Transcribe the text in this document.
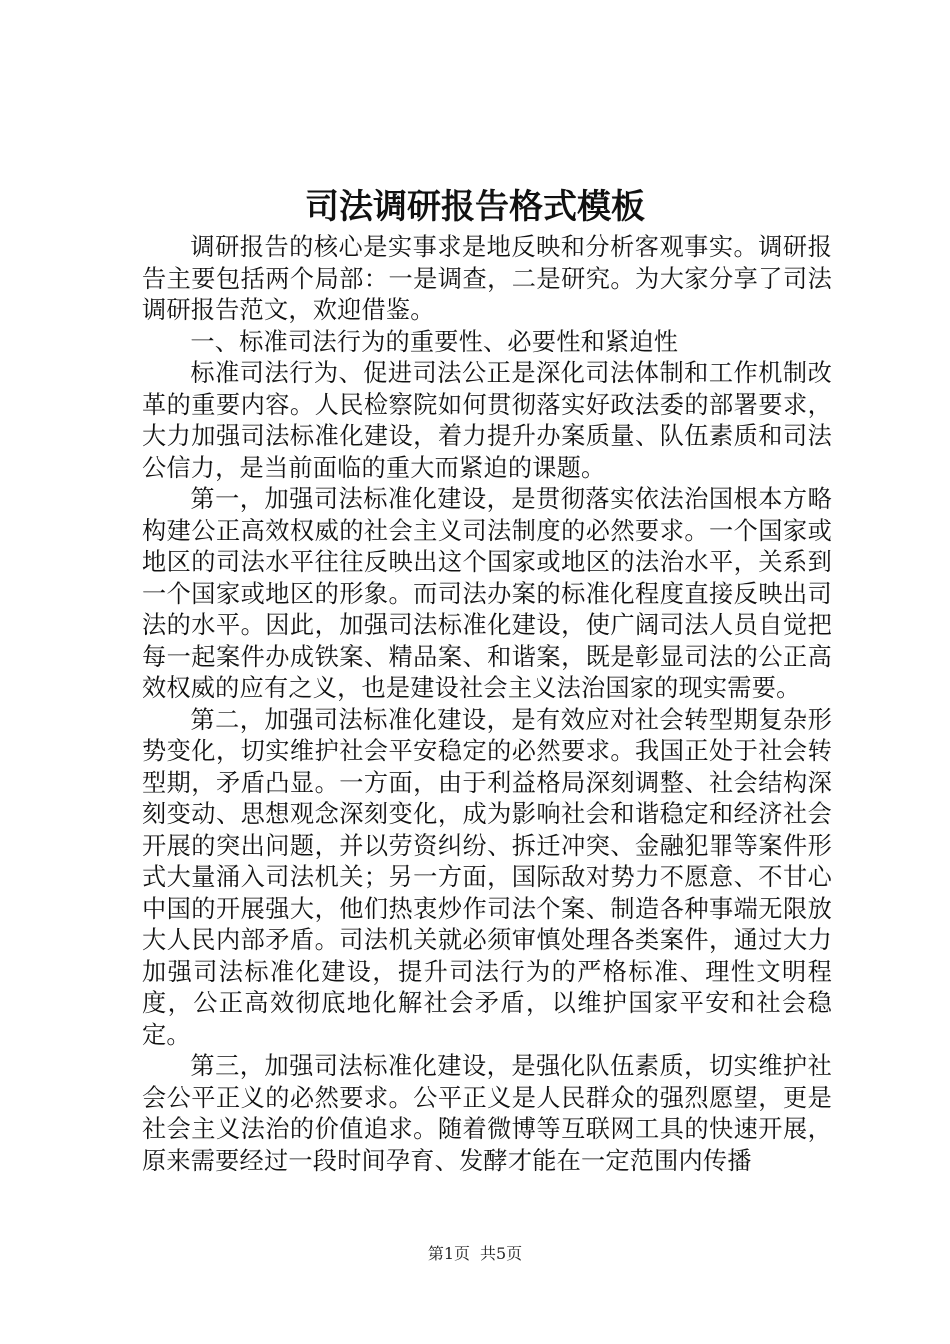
司法调研报告格式模板

调研报告的核心是实事求是地反映和分析客观事实。调研报告主要包括两个局部：一是调查，二是研究。为大家分享了司法调研报告范文，欢迎借鉴。

一、标准司法行为的重要性、必要性和紧迫性

标准司法行为、促进司法公正是深化司法体制和工作机制改革的重要内容。人民检察院如何贯彻落实好政法委的部署要求，大力加强司法标准化建设，着力提升办案质量、队伍素质和司法公信力，是当前面临的重大而紧迫的课题。

第一，加强司法标准化建设，是贯彻落实依法治国根本方略构建公正高效权威的社会主义司法制度的必然要求。一个国家或地区的司法水平往往反映出这个国家或地区的法治水平，关系到一个国家或地区的形象。而司法办案的标准化程度直接反映出司法的水平。因此，加强司法标准化建设，使广阔司法人员自觉把每一起案件办成铁案、精品案、和谐案，既是彰显司法的公正高效权威的应有之义，也是建设社会主义法治国家的现实需要。

第二，加强司法标准化建设，是有效应对社会转型期复杂形势变化，切实维护社会平安稳定的必然要求。我国正处于社会转型期，矛盾凸显。一方面，由于利益格局深刻调整、社会结构深刻变动、思想观念深刻变化，成为影响社会和谐稳定和经济社会开展的突出问题，并以劳资纠纷、拆迁冲突、金融犯罪等案件形式大量涌入司法机关；另一方面，国际敌对势力不愿意、不甘心中国的开展强大，他们热衷炒作司法个案、制造各种事端无限放大人民内部矛盾。司法机关就必须审慎处理各类案件，通过大力加强司法标准化建设，提升司法行为的严格标准、理性文明程度，公正高效彻底地化解社会矛盾，以维护国家平安和社会稳定。

第三，加强司法标准化建设，是强化队伍素质，切实维护社会公平正义的必然要求。公平正义是人民群众的强烈愿望，更是社会主义法治的价值追求。随着微博等互联网工具的快速开展，原来需要经过一段时间孕育、发酵才能在一定范围内传播

第1页 共5页
